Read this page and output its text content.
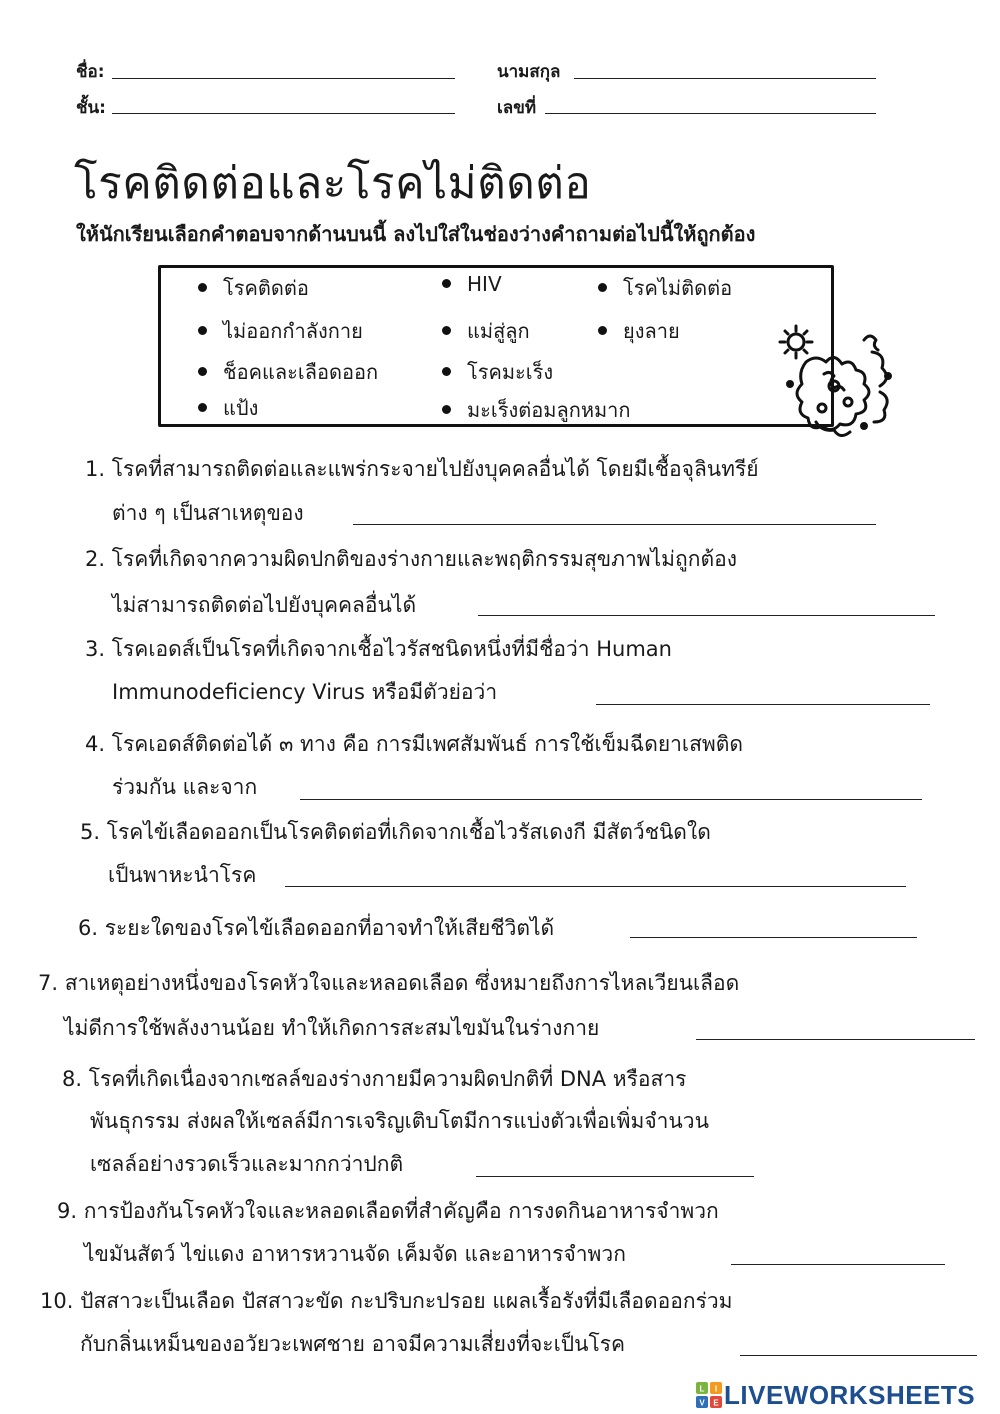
ชื่อ:	นามสกุล
ชั้น:	เลขที่
โรคติดต่อและโรคไม่ติดต่อ
ให้นักเรียนเลือกคำตอบจากด้านบนนี้ ลงไปใส่ในช่องว่างคำถามต่อไปนี้ให้ถูกต้อง
โรคติดต่อ	HIV	โรคไม่ติดต่อ
ไม่ออกกำลังกาย	แม่สู่ลูก	ยุงลาย
ช็อคและเลือดออก	โรคมะเร็ง
แป้ง	มะเร็งต่อมลูกหมาก
1. โรคที่สามารถติดต่อและแพร่กระจายไปยังบุคคลอื่นได้ โดยมีเชื้อจุลินทรีย์
ต่าง ๆ เป็นสาเหตุของ
2. โรคที่เกิดจากความผิดปกติของร่างกายและพฤติกรรมสุขภาพไม่ถูกต้อง
ไม่สามารถติดต่อไปยังบุคคลอื่นได้
3. โรคเอดส์เป็นโรคที่เกิดจากเชื้อไวรัสชนิดหนึ่งที่มีชื่อว่า Human
Immunodeficiency Virus หรือมีตัวย่อว่า
4. โรคเอดส์ติดต่อได้ ๓ ทาง คือ การมีเพศสัมพันธ์ การใช้เข็มฉีดยาเสพติด
ร่วมกัน และจาก
5. โรคไข้เลือดออกเป็นโรคติดต่อที่เกิดจากเชื้อไวรัสเดงกี มีสัตว์ชนิดใด
เป็นพาหะนำโรค
6. ระยะใดของโรคไข้เลือดออกที่อาจทำให้เสียชีวิตได้
7. สาเหตุอย่างหนึ่งของโรคหัวใจและหลอดเลือด ซึ่งหมายถึงการไหลเวียนเลือด
ไม่ดีการใช้พลังงานน้อย ทำให้เกิดการสะสมไขมันในร่างกาย
8. โรคที่เกิดเนื่องจากเซลล์ของร่างกายมีความผิดปกติที่ DNA หรือสาร
พันธุกรรม ส่งผลให้เซลล์มีการเจริญเติบโตมีการแบ่งตัวเพื่อเพิ่มจำนวน
เซลล์อย่างรวดเร็วและมากกว่าปกติ
9. การป้องกันโรคหัวใจและหลอดเลือดที่สำคัญคือ การงดกินอาหารจำพวก
ไขมันสัตว์ ไข่แดง อาหารหวานจัด เค็มจัด และอาหารจำพวก
10. ปัสสาวะเป็นเลือด ปัสสาวะขัด กะปริบกะปรอย แผลเรื้อรังที่มีเลือดออกร่วม
กับกลิ่นเหม็นของอวัยวะเพศชาย อาจมีความเสี่ยงที่จะเป็นโรค
L I
V E LIVEWORKSHEETS
